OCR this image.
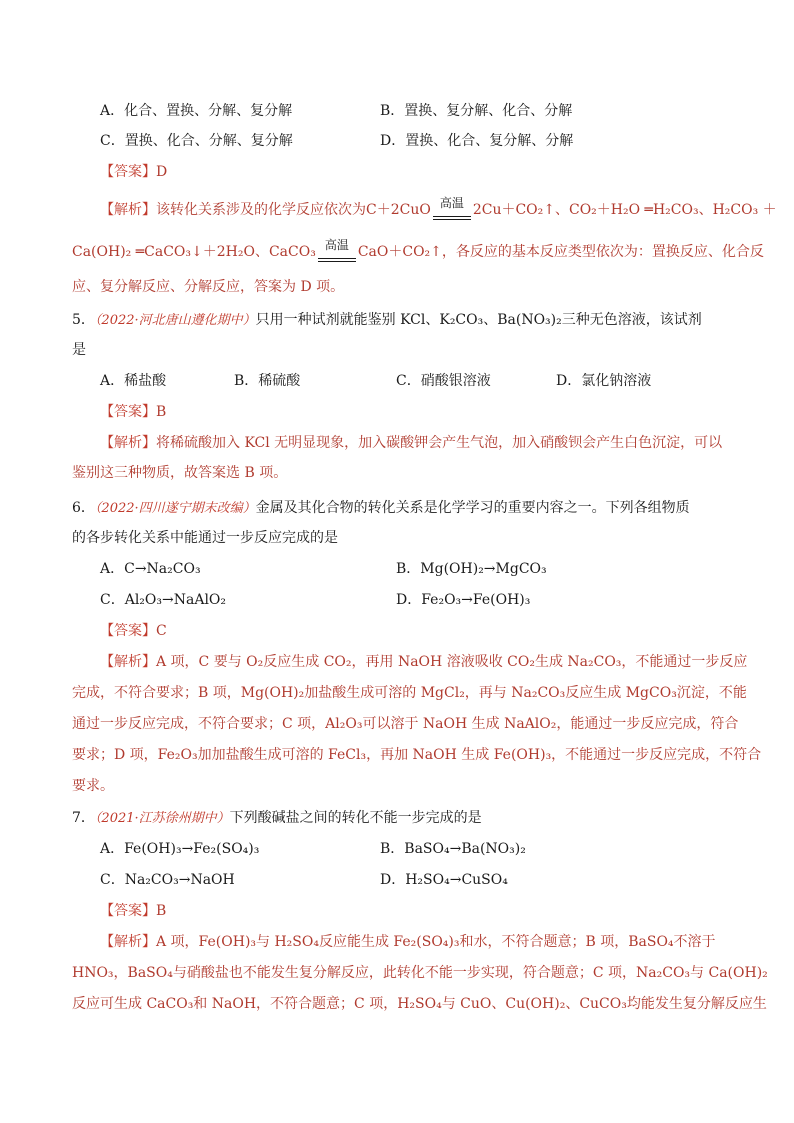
A．化合、置换、分解、复分解	B．置换、复分解、化合、分解
C．置换、化合、分解、复分解	D．置换、化合、复分解、分解
【答案】D
【解析】该转化关系涉及的化学反应依次为C＋2CuO 高温 2Cu＋CO₂↑、CO₂＋H₂O ═H₂CO₃、H₂CO₃ ＋
Ca(OH)₂ ═CaCO₃↓＋2H₂O、CaCO₃ 高温 CaO＋CO₂↑，各反应的基本反应类型依次为：置换反应、化合反
应、复分解反应、分解反应，答案为 D 项。
5．（2022·河北唐山遵化期中）只用一种试剂就能鉴别 KCl、K₂CO₃、Ba(NO₃)₂三种无色溶液，该试剂
是
A．稀盐酸	B．稀硫酸	C．硝酸银溶液	D．氯化钠溶液
【答案】B
【解析】将稀硫酸加入 KCl 无明显现象，加入碳酸钾会产生气泡，加入硝酸钡会产生白色沉淀，可以
鉴别这三种物质，故答案选 B 项。
6．（2022·四川遂宁期末改编）金属及其化合物的转化关系是化学学习的重要内容之一。下列各组物质
的各步转化关系中能通过一步反应完成的是
A．C→Na₂CO₃	B．Mg(OH)₂→MgCO₃
C．Al₂O₃→NaAlO₂	D．Fe₂O₃→Fe(OH)₃
【答案】C
【解析】A 项，C 要与 O₂反应生成 CO₂，再用 NaOH 溶液吸收 CO₂生成 Na₂CO₃，不能通过一步反应
完成，不符合要求；B 项，Mg(OH)₂加盐酸生成可溶的 MgCl₂，再与 Na₂CO₃反应生成 MgCO₃沉淀，不能
通过一步反应完成，不符合要求；C 项，Al₂O₃可以溶于 NaOH 生成 NaAlO₂，能通过一步反应完成，符合
要求；D 项，Fe₂O₃加加盐酸生成可溶的 FeCl₃，再加 NaOH 生成 Fe(OH)₃，不能通过一步反应完成，不符合
要求。
7．（2021·江苏徐州期中）下列酸碱盐之间的转化不能一步完成的是
A．Fe(OH)₃→Fe₂(SO₄)₃	B．BaSO₄→Ba(NO₃)₂
C．Na₂CO₃→NaOH	D．H₂SO₄→CuSO₄
【答案】B
【解析】A 项，Fe(OH)₃与 H₂SO₄反应能生成 Fe₂(SO₄)₃和水，不符合题意；B 项，BaSO₄不溶于
HNO₃，BaSO₄与硝酸盐也不能发生复分解反应，此转化不能一步实现，符合题意；C 项，Na₂CO₃与 Ca(OH)₂
反应可生成 CaCO₃和 NaOH，不符合题意；C 项，H₂SO₄与 CuO、Cu(OH)₂、CuCO₃均能发生复分解反应生
